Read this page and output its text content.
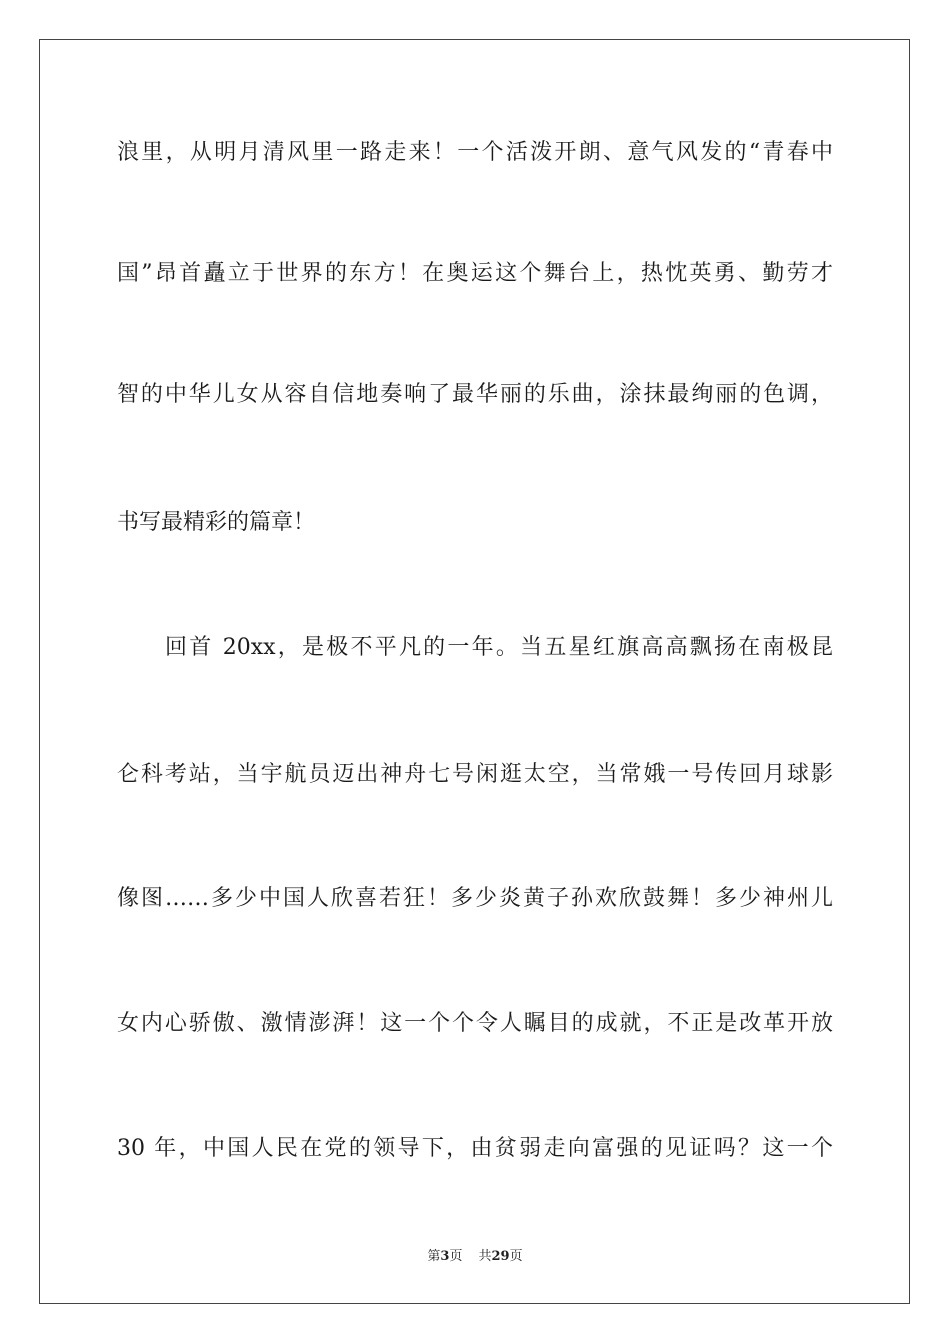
浪里，从明月清风里一路走来！一个活泼开朗、意气风发的“青春中
国”昂首矗立于世界的东方！在奥运这个舞台上，热忱英勇、勤劳才
智的中华儿女从容自信地奏响了最华丽的乐曲，涂抹最绚丽的色调，
书写最精彩的篇章！
回首 20xx，是极不平凡的一年。当五星红旗高高飘扬在南极昆
仑科考站，当宇航员迈出神舟七号闲逛太空，当常娥一号传回月球影
像图……多少中国人欣喜若狂！多少炎黄子孙欢欣鼓舞！多少神州儿
女内心骄傲、激情澎湃！这一个个令人瞩目的成就，不正是改革开放
30 年，中国人民在党的领导下，由贫弱走向富强的见证吗？这一个
第3页 共29页
